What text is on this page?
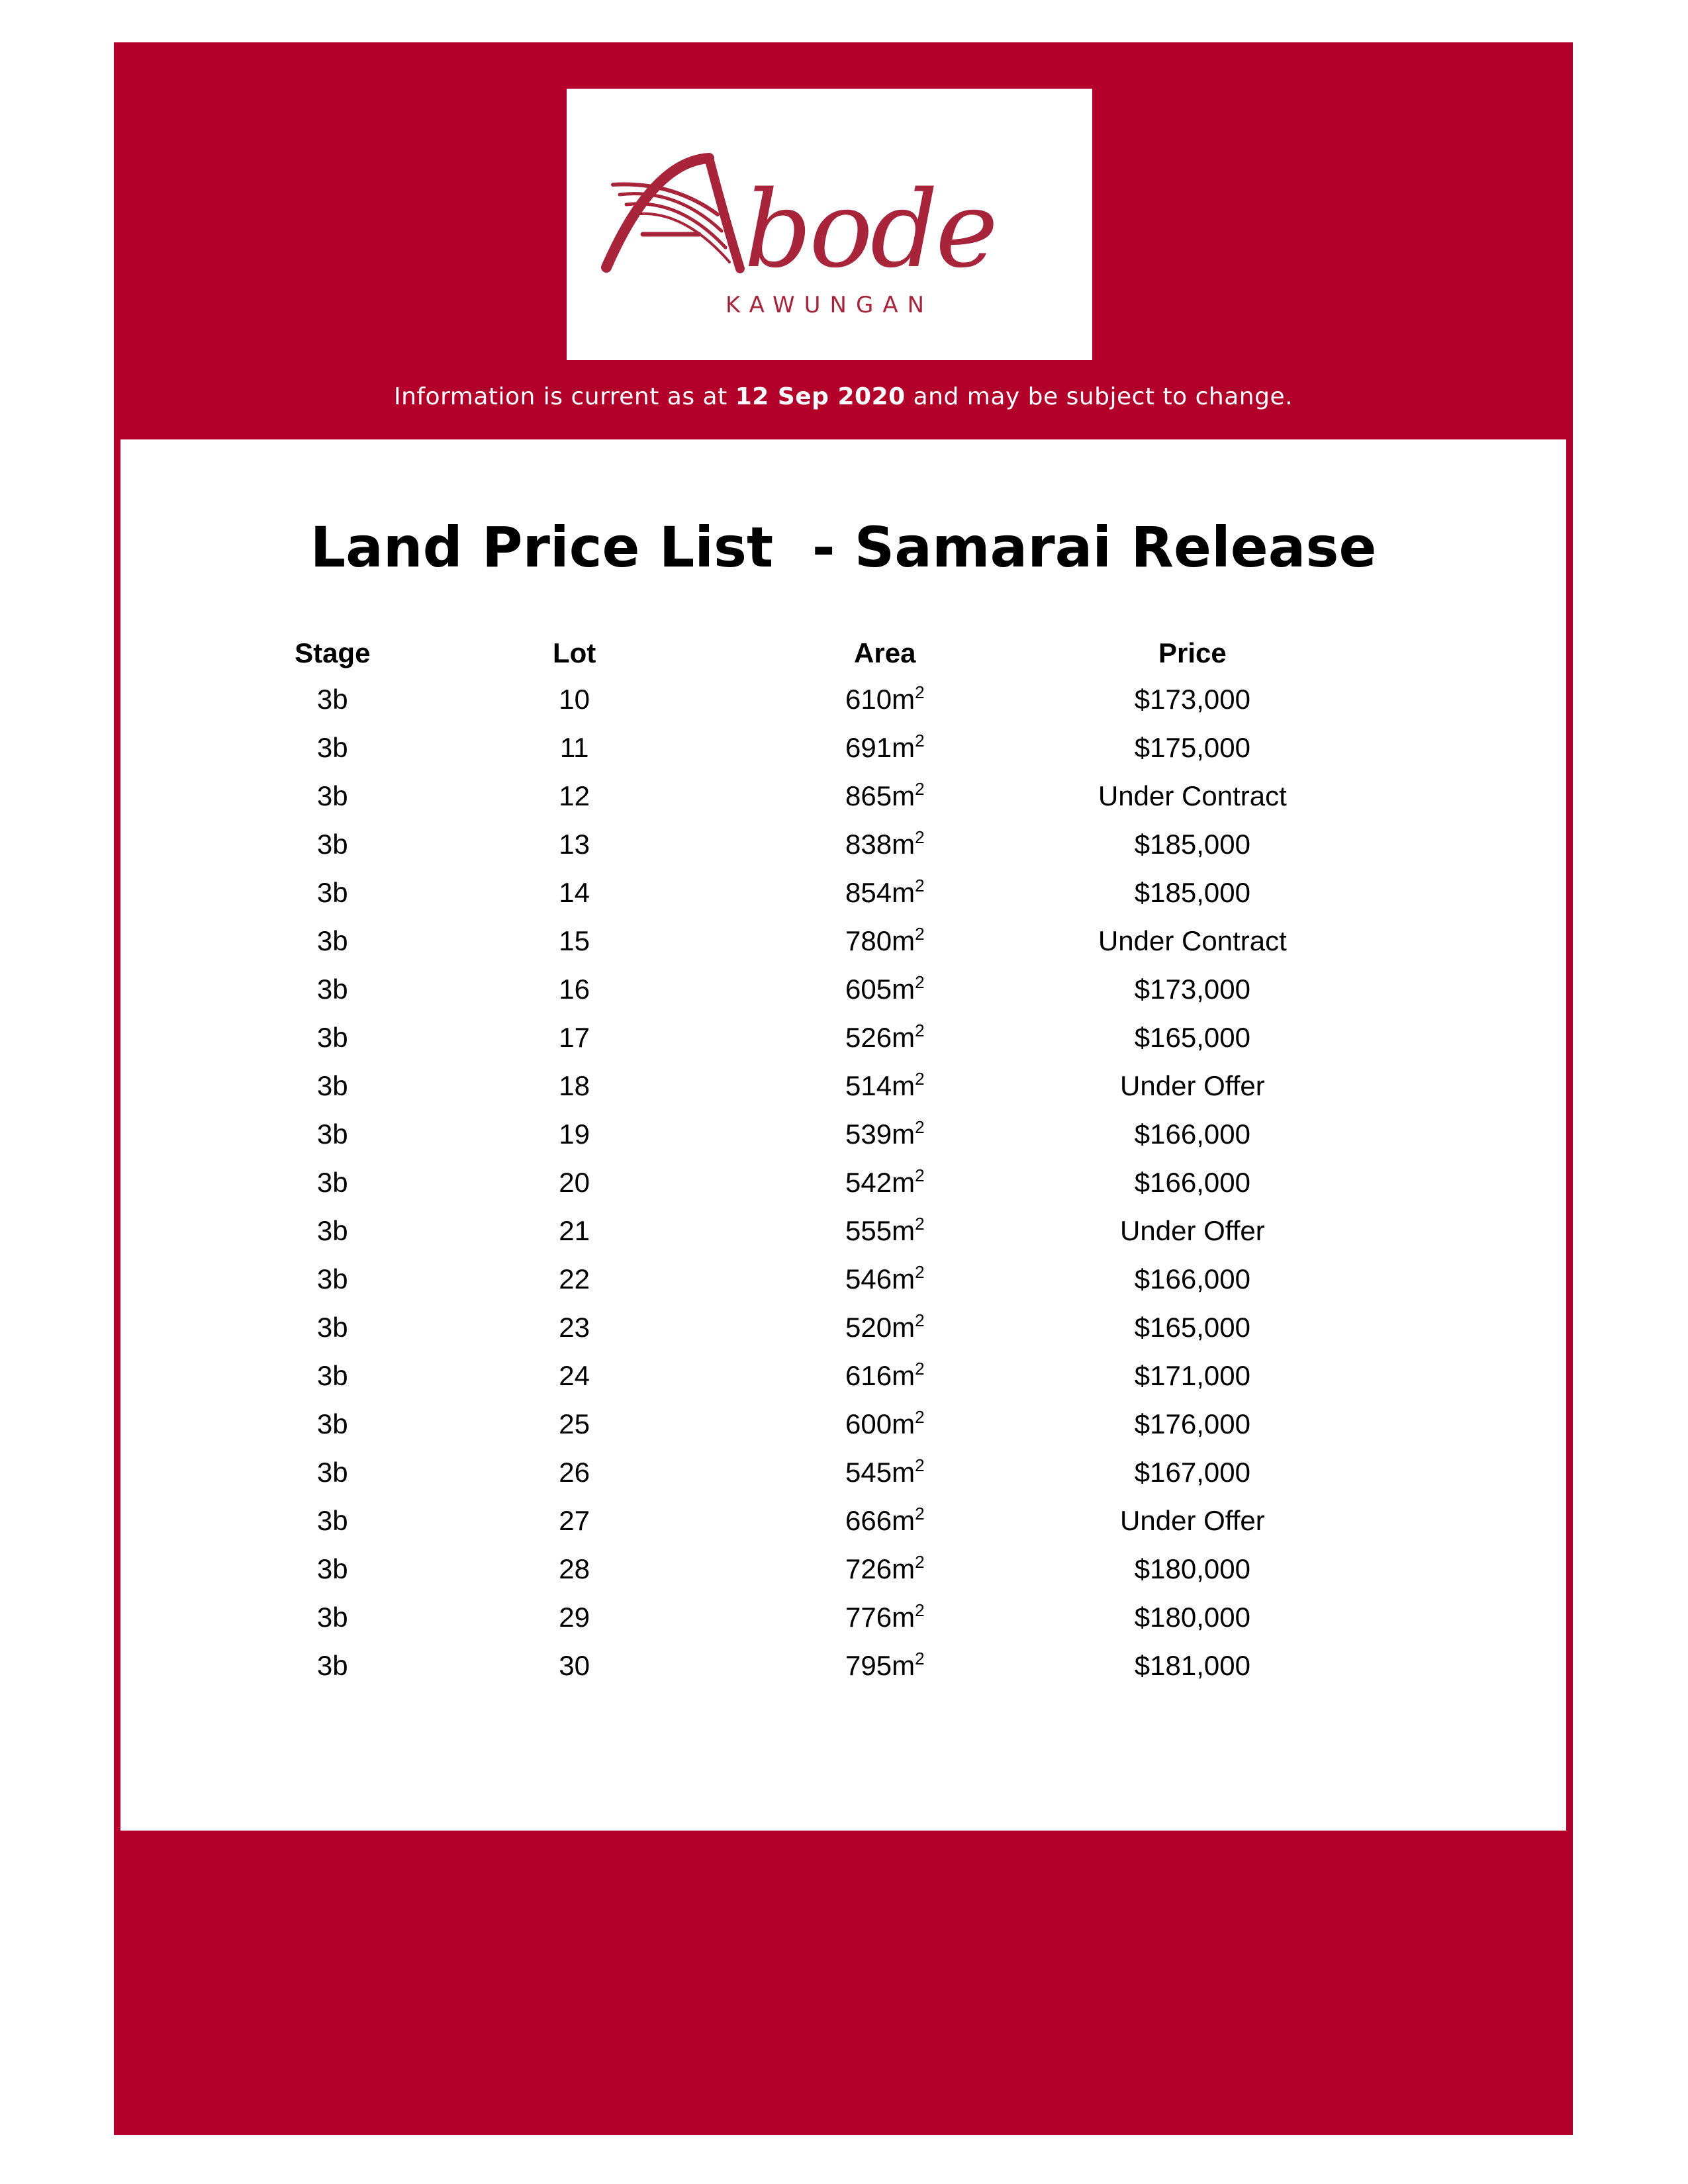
bode
KAWUNGAN
Information is current as at 12 Sep 2020 and may be subject to change.
Land Price List  - Samarai Release
Stage	Lot	Area	Price
3b	10	$610m^2$	$173,000
3b	11	$691m^2$	$175,000
3b	12	$865m^2$	Under Contract
3b	13	$838m^2$	$185,000
3b	14	$854m^2$	$185,000
3b	15	$780m^2$	Under Contract
3b	16	$605m^2$	$173,000
3b	17	$526m^2$	$165,000
3b	18	$514m^2$	Under Offer
3b	19	$539m^2$	$166,000
3b	20	$542m^2$	$166,000
3b	21	$555m^2$	Under Offer
3b	22	$546m^2$	$166,000
3b	23	$520m^2$	$165,000
3b	24	$616m^2$	$171,000
3b	25	$600m^2$	$176,000
3b	26	$545m^2$	$167,000
3b	27	$666m^2$	Under Offer
3b	28	$726m^2$	$180,000
3b	29	$776m^2$	$180,000
3b	30	$795m^2$	$181,000
